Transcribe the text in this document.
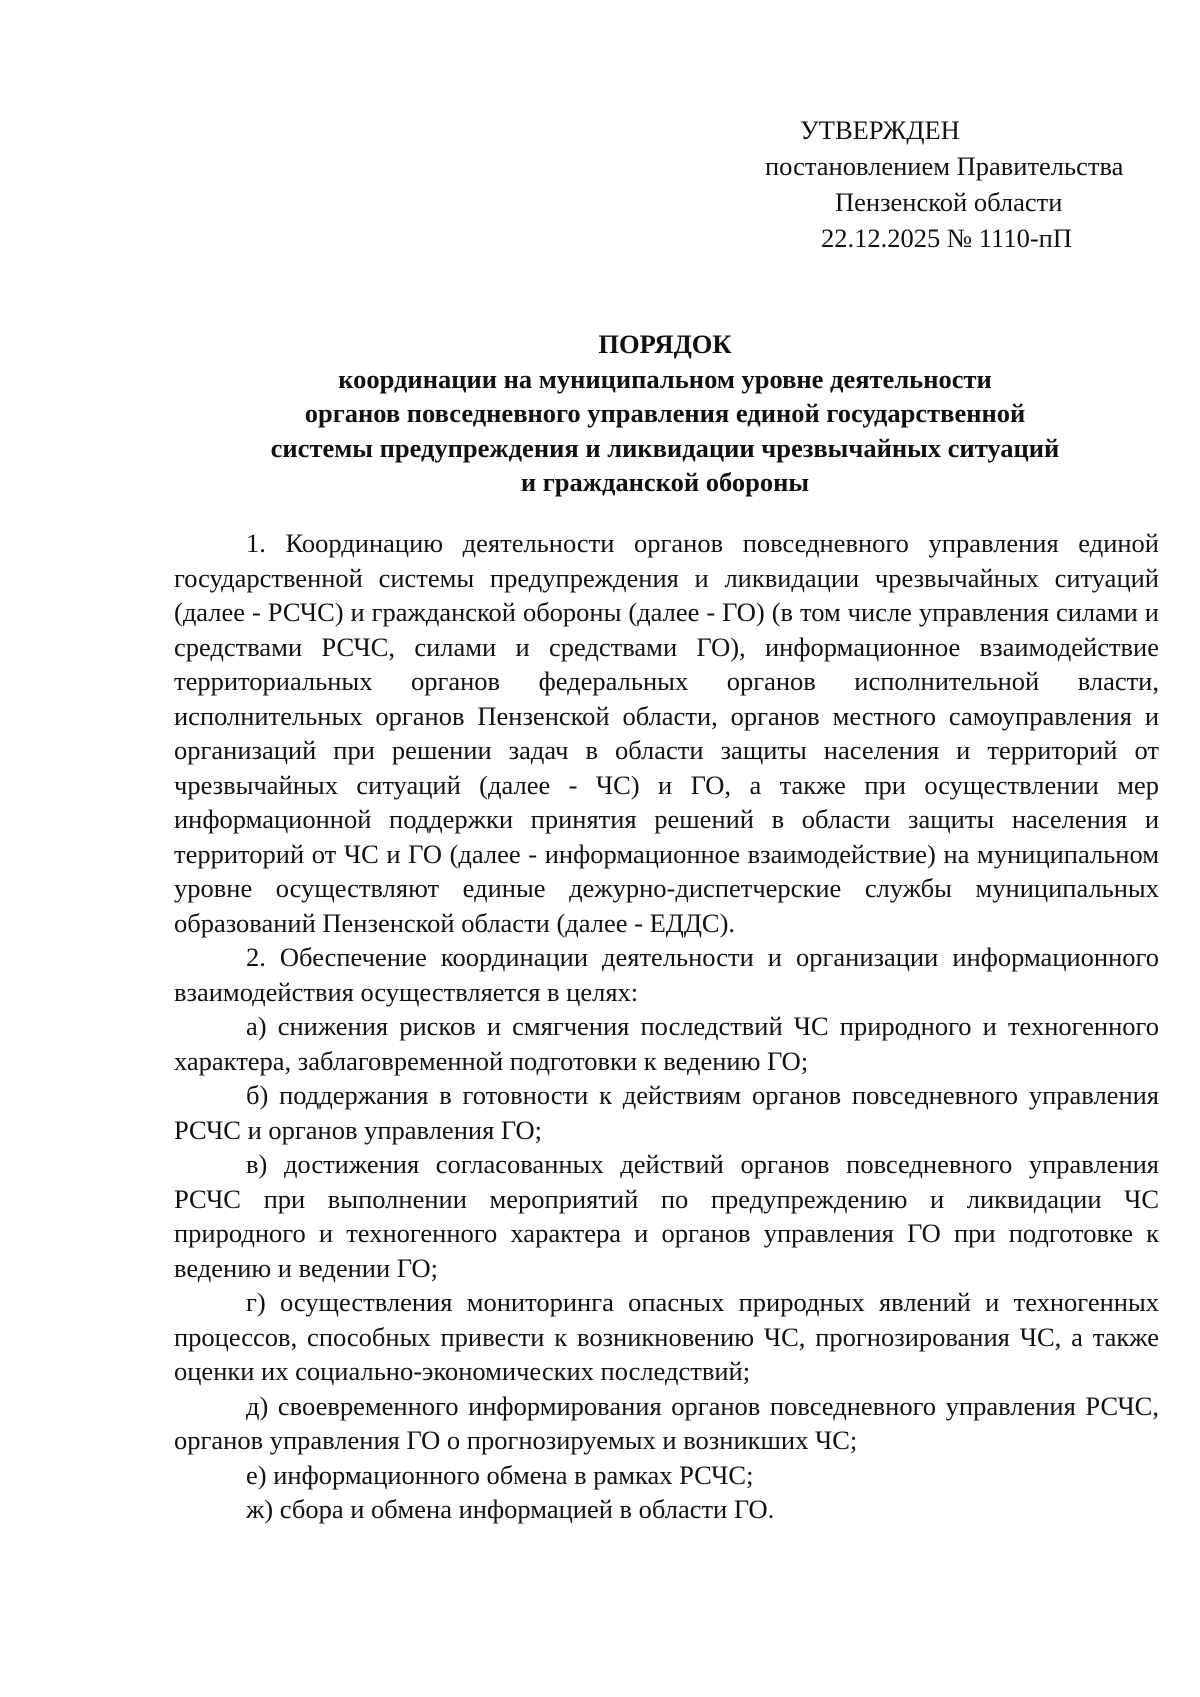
УТВЕРЖДЕН
постановлением Правительства
Пензенской области
22.12.2025 № 1110-пП
ПОРЯДОК
координации на муниципальном уровне деятельности
органов повседневного управления единой государственной
системы предупреждения и ликвидации чрезвычайных ситуаций
и гражданской обороны

1. Координацию деятельности органов повседневного управления единой государственной системы предупреждения и ликвидации чрезвычайных ситуаций (далее - РСЧС) и гражданской обороны (далее - ГО) (в том числе управления силами и средствами РСЧС, силами и средствами ГО), информационное взаимодействие территориальных органов федеральных органов исполнительной власти, исполнительных органов Пензенской области, органов местного самоуправления и организаций при решении задач в области защиты населения и территорий от чрезвычайных ситуаций (далее - ЧС) и ГО, а также при осуществлении мер информационной поддержки принятия решений в области защиты населения и территорий от ЧС и ГО (далее - информационное взаимодействие) на муниципальном уровне осуществляют единые дежурно-диспетчерские службы муниципальных образований Пензенской области (далее - ЕДДС).

2. Обеспечение координации деятельности и организации информационного взаимодействия осуществляется в целях:

а) снижения рисков и смягчения последствий ЧС природного и техногенного характера, заблаговременной подготовки к ведению ГО;

б) поддержания в готовности к действиям органов повседневного управления РСЧС и органов управления ГО;

в) достижения согласованных действий органов повседневного управления РСЧС при выполнении мероприятий по предупреждению и ликвидации ЧС природного и техногенного характера и органов управления ГО при подготовке к ведению и ведении ГО;

г) осуществления мониторинга опасных природных явлений и техногенных процессов, способных привести к возникновению ЧС, прогнозирования ЧС, а также оценки их социально-экономических последствий;

д) своевременного информирования органов повседневного управления РСЧС, органов управления ГО о прогнозируемых и возникших ЧС;

е) информационного обмена в рамках РСЧС;

ж) сбора и обмена информацией в области ГО.
